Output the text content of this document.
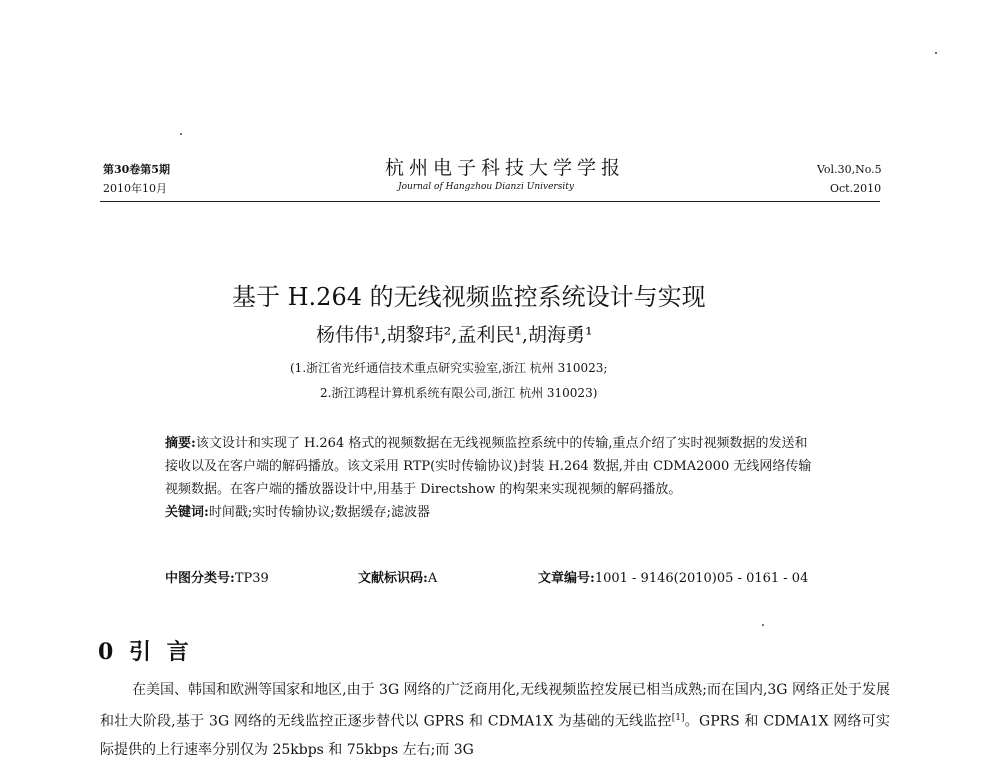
第30卷第5期
2010年10月
杭州电子科技大学学报
Journal of Hangzhou Dianzi University
Vol.30,No.5
Oct.2010
基于 H.264 的无线视频监控系统设计与实现
杨伟伟¹,胡黎玮²,孟利民¹,胡海勇¹
(1.浙江省光纤通信技术重点研究实验室,浙江 杭州 310023;
2.浙江鸿程计算机系统有限公司,浙江 杭州 310023)

摘要:该文设计和实现了 H.264 格式的视频数据在无线视频监控系统中的传输,重点介绍了实时视频数据的发送和接收以及在客户端的解码播放。该文采用 RTP(实时传输协议)封装 H.264 数据,并由 CDMA2000 无线网络传输视频数据。在客户端的播放器设计中,用基于 Directshow 的构架来实现视频的解码播放。

关键词:时间戳;实时传输协议;数据缓存;滤波器

中图分类号:TP39	文献标识码:A	文章编号:1001 - 9146(2010)05 - 0161 - 04
0 引 言

在美国、韩国和欧洲等国家和地区,由于 3G 网络的广泛商用化,无线视频监控发展已相当成熟;而在国内,3G 网络正处于发展和壮大阶段,基于 3G 网络的无线监控正逐步替代以 GPRS 和 CDMA1X 为基础的无线监控[1]。GPRS 和 CDMA1X 网络可实际提供的上行速率分别仅为 25kbps 和 75kbps 左右;而 3G
